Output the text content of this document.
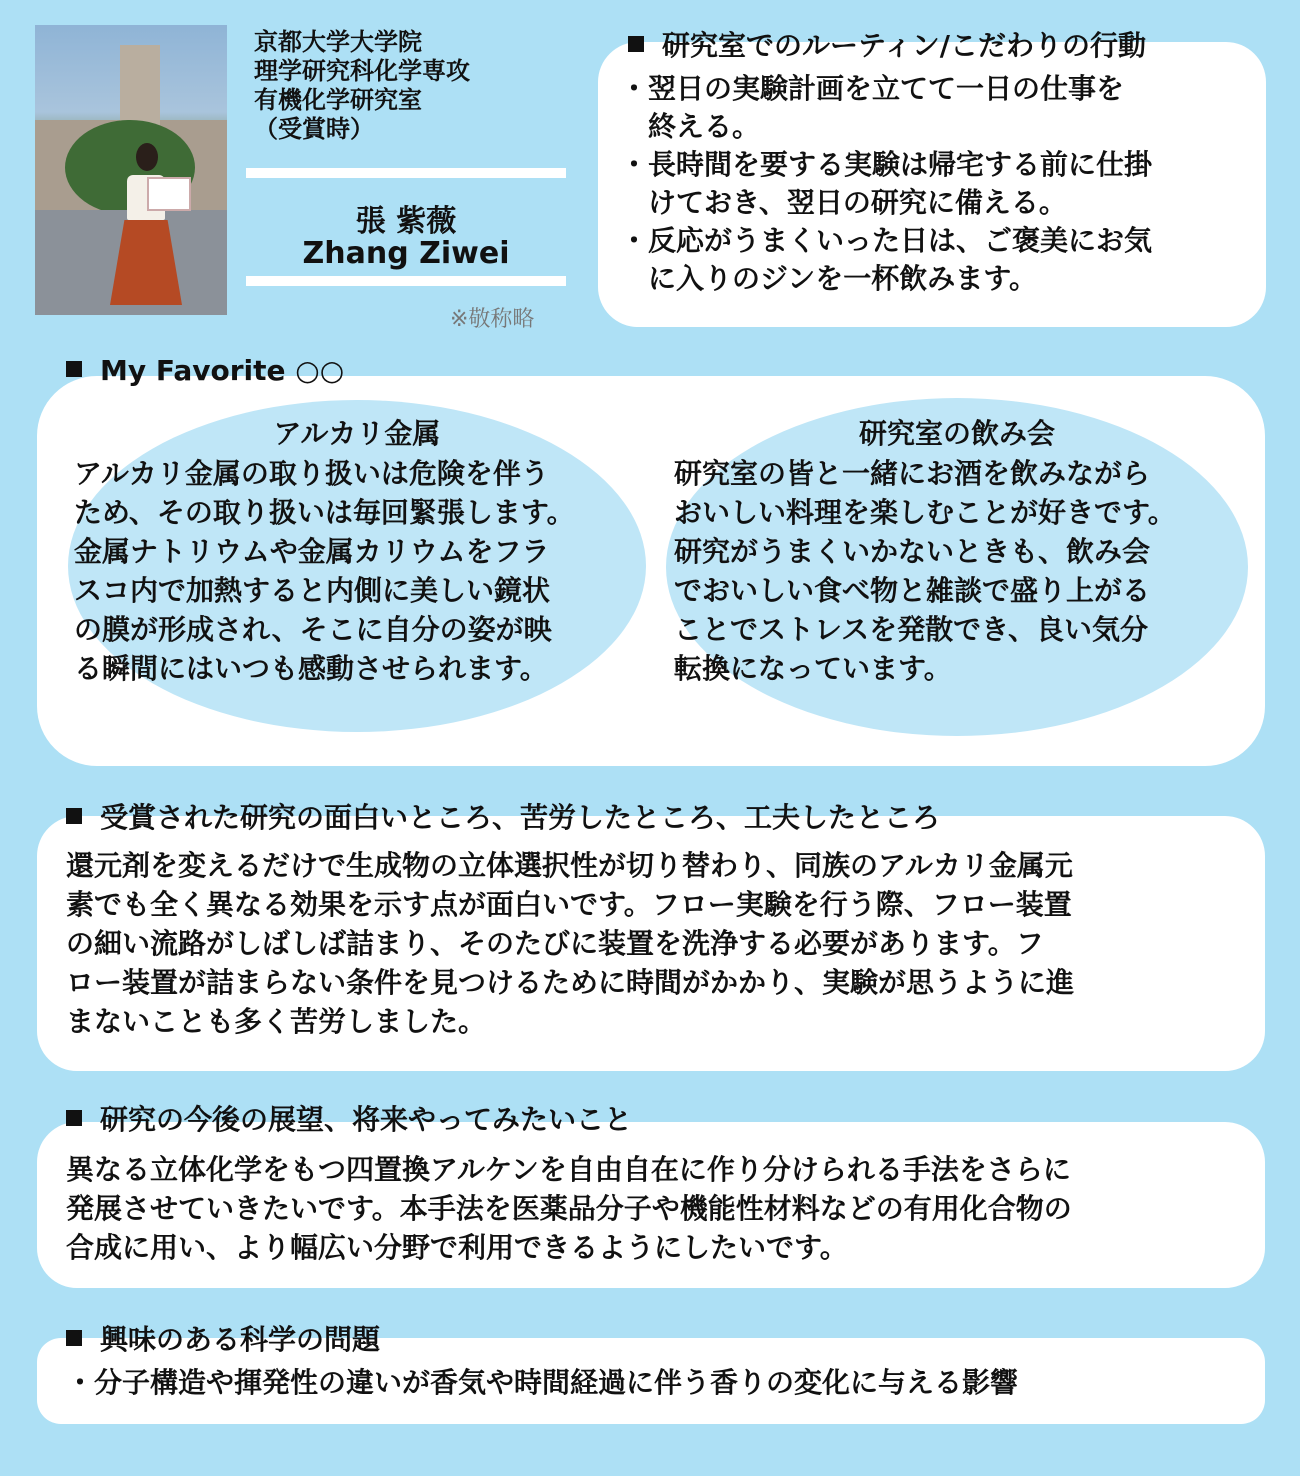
京都大学大学院
理学研究科化学専攻
有機化学研究室
（受賞時）
張 紫薇
Zhang Ziwei
※敬称略
研究室でのルーティン/こだわりの行動
・ 翌日の実験計画を立てて一日の仕事を
終える。
・ 長時間を要する実験は帰宅する前に仕掛
けておき、翌日の研究に備える。
・ 反応がうまくいった日は、ご褒美にお気
に入りのジンを一杯飲みます。
My Favorite ○○
アルカリ金属
アルカリ金属の取り扱いは危険を伴う
ため、その取り扱いは毎回緊張します。
金属ナトリウムや金属カリウムをフラ
スコ内で加熱すると内側に美しい鏡状
の膜が形成され、そこに自分の姿が映
る瞬間にはいつも感動させられます。
研究室の飲み会
研究室の皆と一緒にお酒を飲みながら
おいしい料理を楽しむことが好きです。
研究がうまくいかないときも、飲み会
でおいしい食べ物と雑談で盛り上がる
ことでストレスを発散でき、良い気分
転換になっています。
受賞された研究の面白いところ、苦労したところ、工夫したところ
還元剤を変えるだけで生成物の立体選択性が切り替わり、同族のアルカリ金属元
素でも全く異なる効果を示す点が面白いです。フロー実験を行う際、フロー装置
の細い流路がしばしば詰まり、そのたびに装置を洗浄する必要があります。フ
ロー装置が詰まらない条件を見つけるために時間がかかり、実験が思うように進
まないことも多く苦労しました。
研究の今後の展望、将来やってみたいこと
異なる立体化学をもつ四置換アルケンを自由自在に作り分けられる手法をさらに
発展させていきたいです。本手法を医薬品分子や機能性材料などの有用化合物の
合成に用い、より幅広い分野で利用できるようにしたいです。
興味のある科学の問題
・分子構造や揮発性の違いが香気や時間経過に伴う香りの変化に与える影響
